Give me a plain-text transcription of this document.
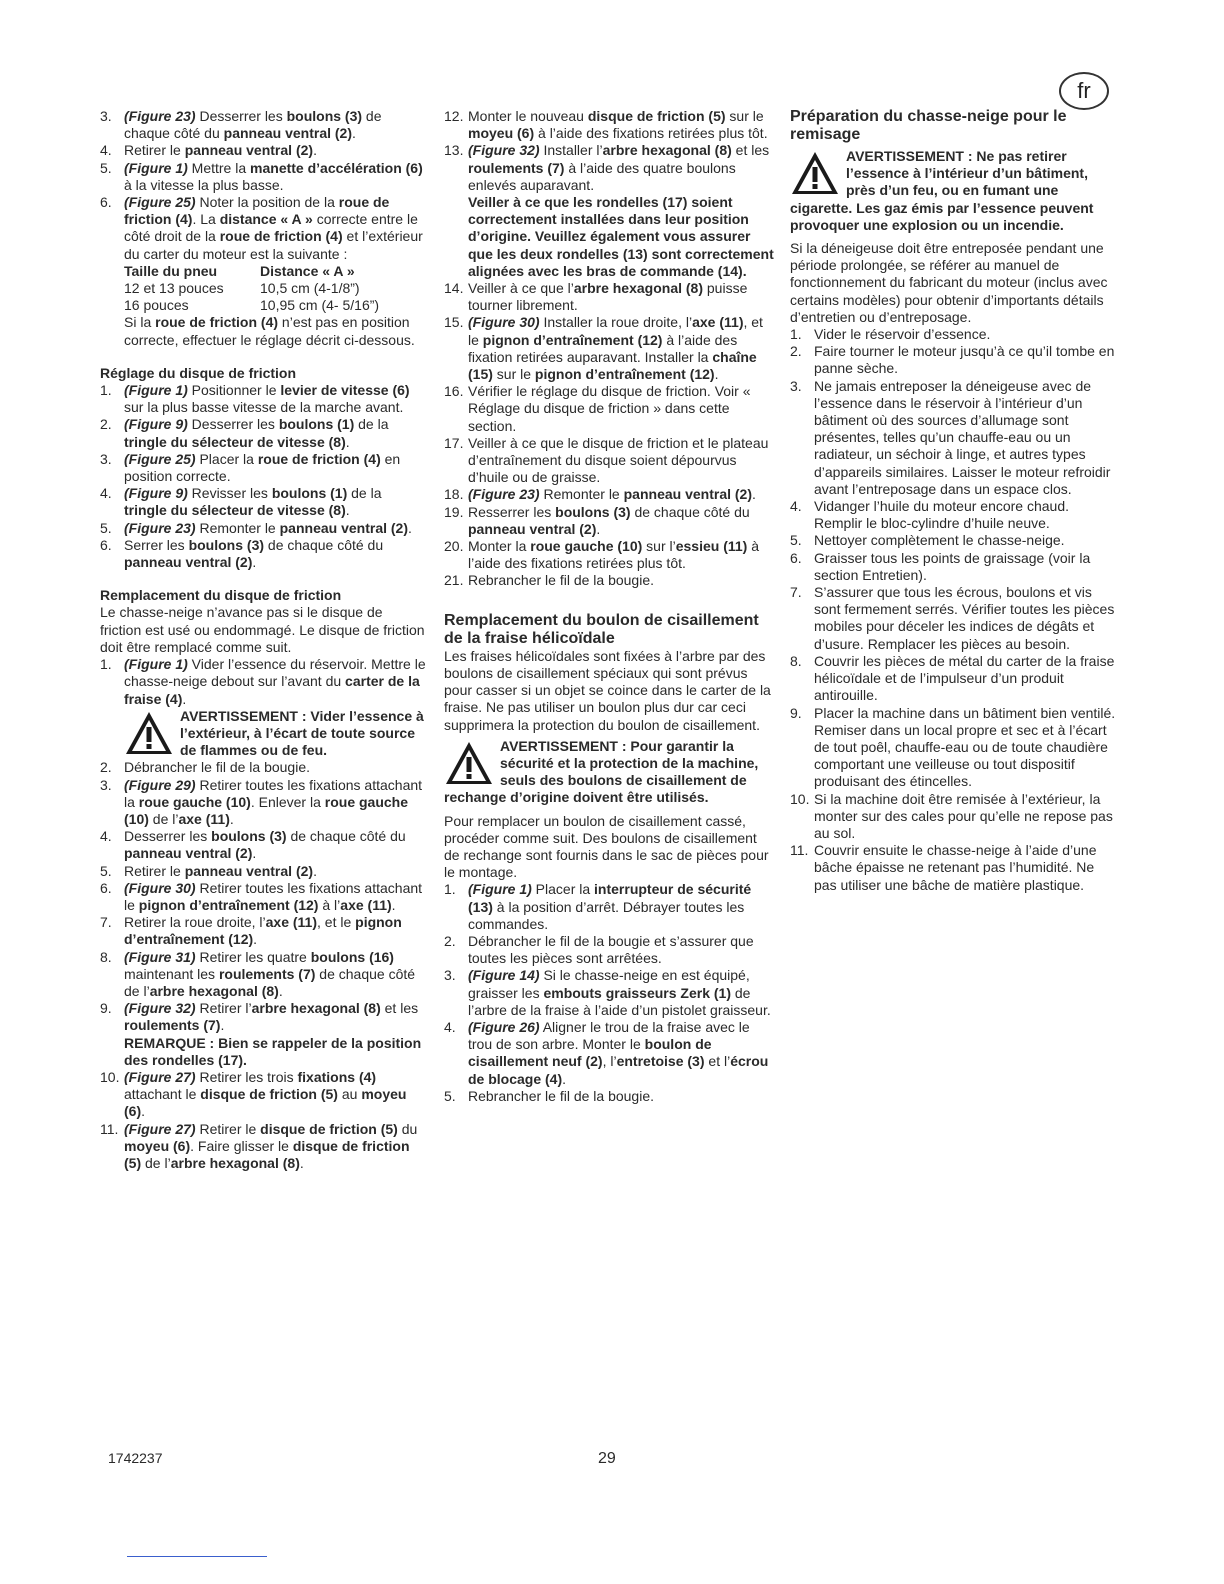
fr
3. (Figure 23) Desserrer les boulons (3) de chaque côté du panneau ventral (2).
4. Retirer le panneau ventral (2).
5. (Figure 1) Mettre la manette d’accélération (6) à la vitesse la plus basse.
6. (Figure 25) Noter la position de la roue de friction (4). La distance « A » correcte entre le côté droit de la roue de friction (4) et l’extérieur du carter du moteur est la suivante :
Taille du pneu	Distance « A »
12 et 13 pouces	10,5 cm (4-1/8”)
16 pouces	10,95 cm (4- 5/16”)
Si la roue de friction (4) n’est pas en position correcte, effectuer le réglage décrit ci-dessous.
Réglage du disque de friction
1. (Figure 1) Positionner le levier de vitesse (6) sur la plus basse vitesse de la marche avant.
2. (Figure 9) Desserrer les boulons (1) de la tringle du sélecteur de vitesse (8).
3. (Figure 25) Placer la roue de friction (4) en position correcte.
4. (Figure 9) Revisser les boulons (1) de la tringle du sélecteur de vitesse (8).
5. (Figure 23) Remonter le panneau ventral (2).
6. Serrer les boulons (3) de chaque côté du panneau ventral (2).
Remplacement du disque de friction
Le chasse-neige n’avance pas si le disque de friction est usé ou endommagé. Le disque de friction doit être remplacé comme suit.
1. (Figure 1) Vider l’essence du réservoir. Mettre le chasse-neige debout sur l’avant du carter de la fraise (4).
AVERTISSEMENT : Vider l’essence à l’extérieur, à l’écart de toute source de flammes ou de feu.
2. Débrancher le fil de la bougie.
3. (Figure 29) Retirer toutes les fixations attachant la roue gauche (10). Enlever la roue gauche (10) de l’axe (11).
4. Desserrer les boulons (3) de chaque côté du panneau ventral (2).
5. Retirer le panneau ventral (2).
6. (Figure 30) Retirer toutes les fixations attachant le pignon d’entraînement (12) à l’axe (11).
7. Retirer la roue droite, l’axe (11), et le pignon d’entraînement (12).
8. (Figure 31) Retirer les quatre boulons (16) maintenant les roulements (7) de chaque côté de l’arbre hexagonal (8).
9. (Figure 32) Retirer l’arbre hexagonal (8) et les roulements (7).
REMARQUE : Bien se rappeler de la position des rondelles (17).
10. (Figure 27) Retirer les trois fixations (4) attachant le disque de friction (5) au moyeu (6).
11. (Figure 27) Retirer le disque de friction (5) du moyeu (6). Faire glisser le disque de friction (5) de l’arbre hexagonal (8).
12. Monter le nouveau disque de friction (5) sur le moyeu (6) à l’aide des fixations retirées plus tôt.
13. (Figure 32) Installer l’arbre hexagonal (8) et les roulements (7) à l’aide des quatre boulons enlevés auparavant.
Veiller à ce que les rondelles (17) soient correctement installées dans leur position d’origine. Veuillez également vous assurer que les deux rondelles (13) sont correctement alignées avec les bras de commande (14).
14. Veiller à ce que l’arbre hexagonal (8) puisse tourner librement.
15. (Figure 30) Installer la roue droite, l’axe (11), et le pignon d’entraînement (12) à l’aide des fixation retirées auparavant. Installer la chaîne (15) sur le pignon d’entraînement (12).
16. Vérifier le réglage du disque de friction. Voir « Réglage du disque de friction » dans cette section.
17. Veiller à ce que le disque de friction et le plateau d’entraînement du disque soient dépourvus d’huile ou de graisse.
18. (Figure 23) Remonter le panneau ventral (2).
19. Resserrer les boulons (3) de chaque côté du panneau ventral (2).
20. Monter la roue gauche (10) sur l’essieu (11) à l’aide des fixations retirées plus tôt.
21. Rebrancher le fil de la bougie.
Remplacement du boulon de cisaillement de la fraise hélicoïdale
Les fraises hélicoïdales sont fixées à l’arbre par des boulons de cisaillement spéciaux qui sont prévus pour casser si un objet se coince dans le carter de la fraise. Ne pas utiliser un boulon plus dur car ceci supprimera la protection du boulon de cisaillement.
AVERTISSEMENT : Pour garantir la sécurité et la protection de la machine, seuls des boulons de cisaillement de rechange d’origine doivent être utilisés.
Pour remplacer un boulon de cisaillement cassé, procéder comme suit. Des boulons de cisaillement de rechange sont fournis dans le sac de pièces pour le montage.
1. (Figure 1) Placer la interrupteur de sécurité (13) à la position d’arrêt. Débrayer toutes les commandes.
2. Débrancher le fil de la bougie et s’assurer que toutes les pièces sont arrêtées.
3. (Figure 14) Si le chasse-neige en est équipé, graisser les embouts graisseurs Zerk (1) de l’arbre de la fraise à l’aide d’un pistolet graisseur.
4. (Figure 26) Aligner le trou de la fraise avec le trou de son arbre. Monter le boulon de cisaillement neuf (2), l’entretoise (3) et l’écrou de blocage (4).
5. Rebrancher le fil de la bougie.
Préparation du chasse-neige pour le remisage
AVERTISSEMENT : Ne pas retirer l’essence à l’intérieur d’un bâtiment, près d’un feu, ou en fumant une cigarette. Les gaz émis par l’essence peuvent provoquer une explosion ou un incendie.
Si la déneigeuse doit être entreposée pendant une période prolongée, se référer au manuel de fonctionnement du fabricant du moteur (inclus avec certains modèles) pour obtenir d’importants détails d’entretien ou d’entreposage.
1. Vider le réservoir d’essence.
2. Faire tourner le moteur jusqu’à ce qu’il tombe en panne sèche.
3. Ne jamais entreposer la déneigeuse avec de l’essence dans le réservoir à l’intérieur d’un bâtiment où des sources d’allumage sont présentes, telles qu’un chauffe-eau ou un radiateur, un séchoir à linge, et autres types d’appareils similaires. Laisser le moteur refroidir avant l’entreposage dans un espace clos.
4. Vidanger l’huile du moteur encore chaud. Remplir le bloc-cylindre d’huile neuve.
5. Nettoyer complètement le chasse-neige.
6. Graisser tous les points de graissage (voir la section Entretien).
7. S’assurer que tous les écrous, boulons et vis sont fermement serrés. Vérifier toutes les pièces mobiles pour déceler les indices de dégâts et d’usure. Remplacer les pièces au besoin.
8. Couvrir les pièces de métal du carter de la fraise hélicoïdale et de l’impulseur d’un produit antirouille.
9. Placer la machine dans un bâtiment bien ventilé. Remiser dans un local propre et sec et à l’écart de tout poêl, chauffe-eau ou de toute chaudière comportant une veilleuse ou tout dispositif produisant des étincelles.
10. Si la machine doit être remisée à l’extérieur, la monter sur des cales pour qu’elle ne repose pas au sol.
11. Couvrir ensuite le chasse-neige à l’aide d’une bâche épaisse ne retenant pas l’humidité. Ne pas utiliser une bâche de matière plastique.
1742237	29
